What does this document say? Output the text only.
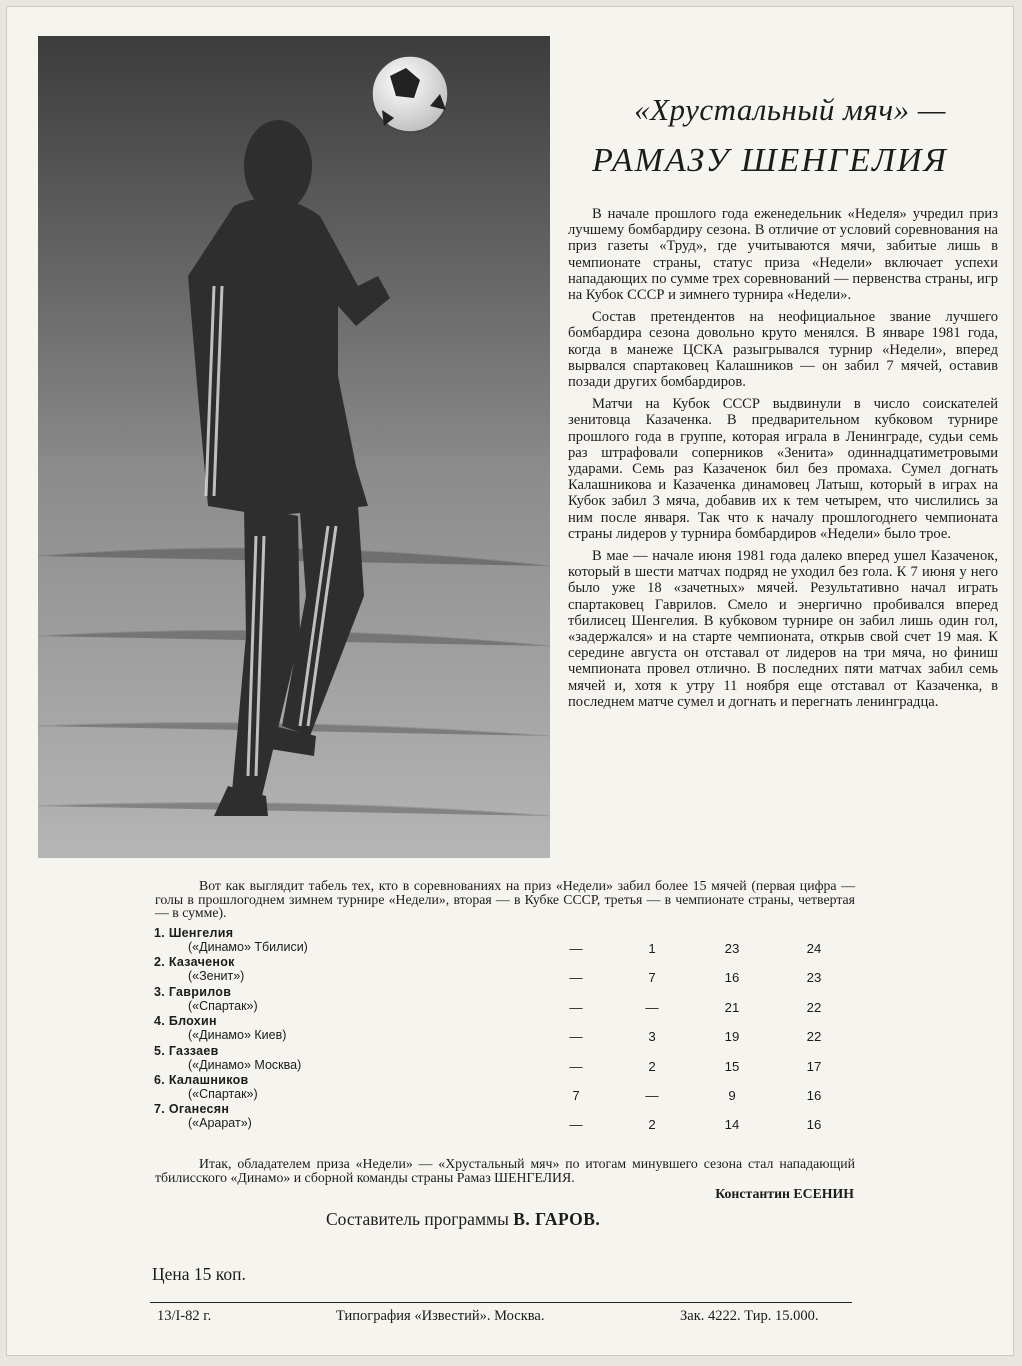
«Хрустальный мяч» —
РАМАЗУ ШЕНГЕЛИЯ

В начале прошлого года еженедельник «Неделя» учредил приз лучшему бомбардиру сезона. В отличие от условий соревнования на приз газеты «Труд», где учитываются мячи, забитые лишь в чемпионате страны, статус приза «Недели» включает успехи нападающих по сумме трех соревнований — первенства страны, игр на Кубок СССР и зимнего турнира «Недели».

Состав претендентов на неофициальное звание лучшего бомбардира сезона довольно круто менялся. В январе 1981 года, когда в манеже ЦСКА разыгрывался турнир «Недели», вперед вырвался спартаковец Калашников — он забил 7 мячей, оставив позади других бомбардиров.

Матчи на Кубок СССР выдвинули в число соискателей зенитовца Казаченка. В предварительном кубковом турнире прошлого года в группе, которая играла в Ленинграде, судьи семь раз штрафовали соперников «Зенита» одиннадцатиметровыми ударами. Семь раз Казаченок бил без промаха. Сумел догнать Калашникова и Казаченка динамовец Латыш, который в играх на Кубок забил 3 мяча, добавив их к тем четырем, что числились за ним после января. Так что к началу прошлогоднего чемпионата страны лидеров у турнира бомбардиров «Недели» было трое.

В мае — начале июня 1981 года далеко вперед ушел Казаченок, который в шести матчах подряд не уходил без гола. К 7 июня у него было уже 18 «зачетных» мячей. Результативно начал играть спартаковец Гаврилов. Смело и энергично пробивался вперед тбилисец Шенгелия. В кубковом турнире он забил лишь один гол, «задержался» и на старте чемпионата, открыв свой счет 19 мая. К середине августа он отставал от лидеров на три мяча, но финиш чемпионата провел отлично. В последних пяти матчах забил семь мячей и, хотя к утру 11 ноября еще отставал от Казаченка, в последнем матче сумел и догнать и перегнать ленинградца.

Вот как выглядит табель тех, кто в соревнованиях на приз «Недели» забил более 15 мячей (первая цифра — голы в прошлогоднем зимнем турнире «Недели», вторая — в Кубке СССР, третья — в чемпионате страны, четвертая — в сумме).
1. Шенгелия
(«Динамо» Тбилиси)	—	1	23	24
2. Казаченок
(«Зенит»)	—	7	16	23
3. Гаврилов
(«Спартак»)	—	—	21	22
4. Блохин
(«Динамо» Киев)	—	3	19	22
5. Газзаев
(«Динамо» Москва)	—	2	15	17
6. Калашников
(«Спартак»)	7	—	9	16
7. Оганесян
(«Арарат»)	—	2	14	16
Итак, обладателем приза «Недели» — «Хрустальный мяч» по итогам минувшего сезона стал нападающий тбилисского «Динамо» и сборной команды страны Рамаз ШЕНГЕЛИЯ.
Константин ЕСЕНИН
Составитель программы В. ГАРОВ.
Цена 15 коп.
13/I-82 г.	Типография «Известий». Москва.	Зак. 4222. Тир. 15.000.
